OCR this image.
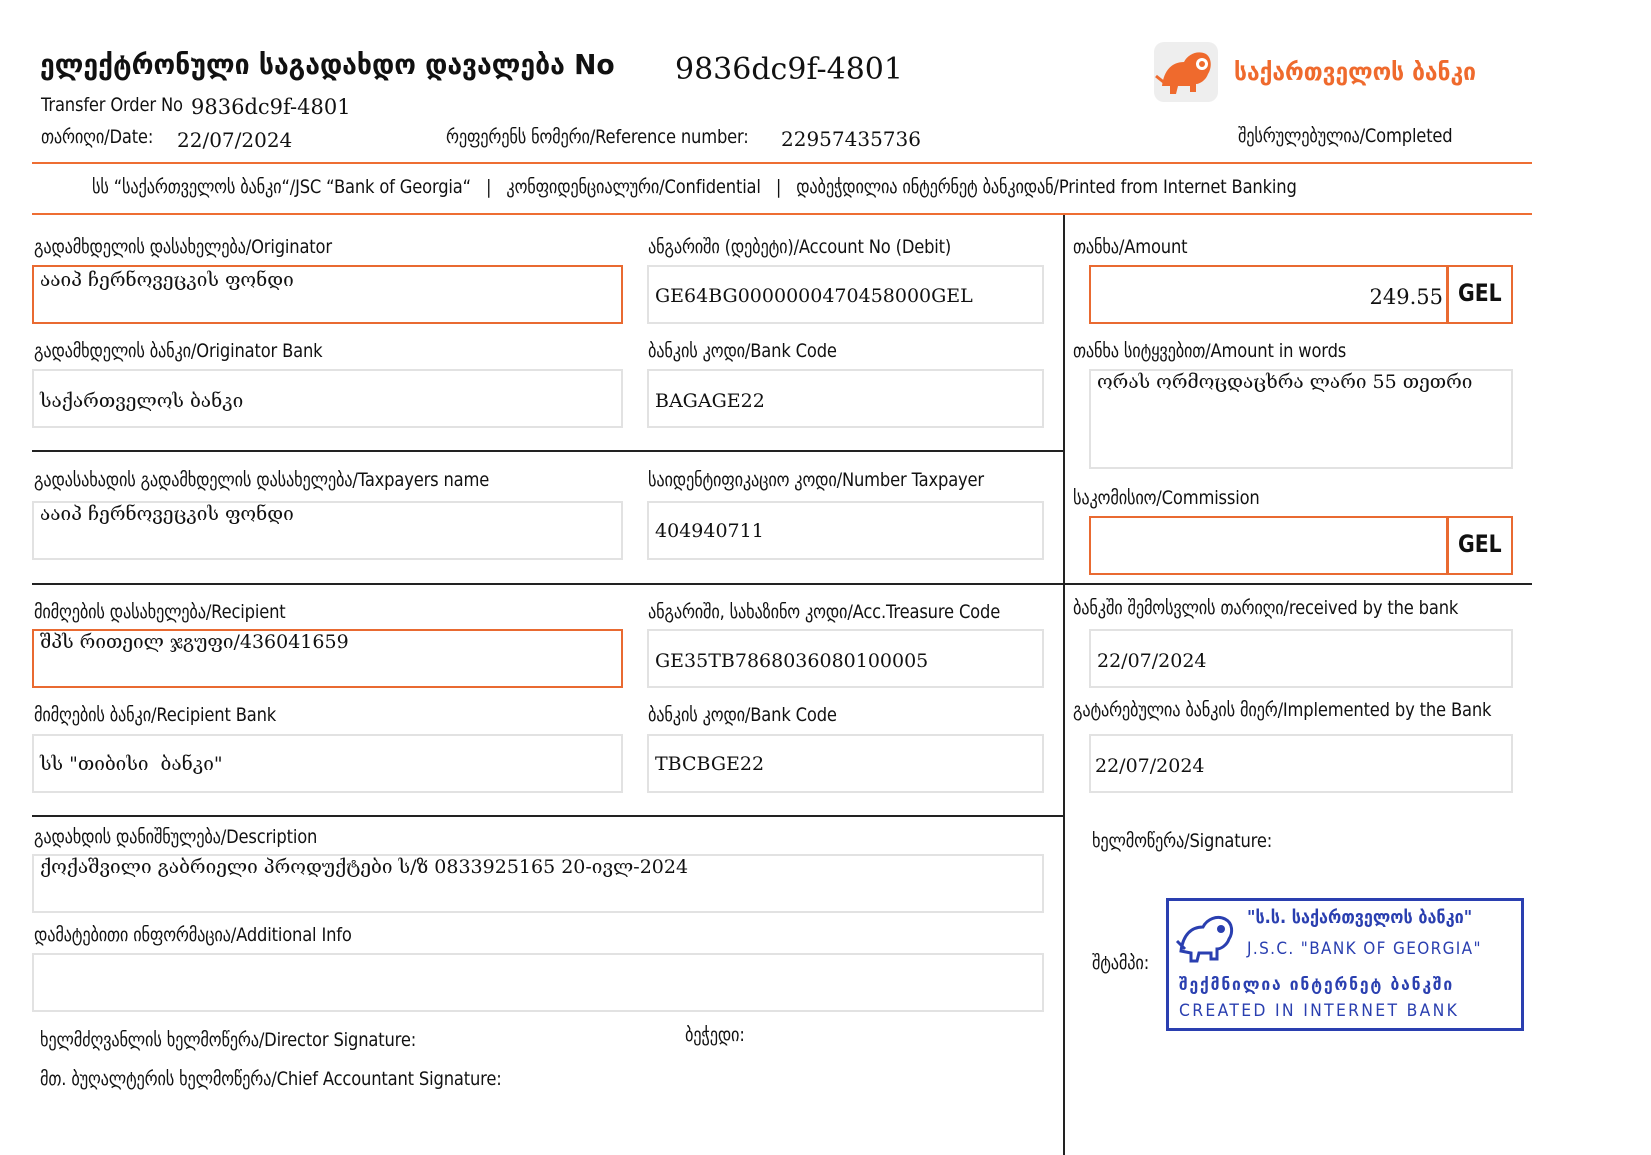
ელექტრონული საგადახდო დავალება No	9836dc9f-4801
Transfer Order No 9836dc9f-4801
თარიღი/Date: 22/07/2024	რეფერენს ნომერი/Reference number: 22957435736	შესრულებულია/Completed
საქართველოს ბანკი
სს “საქართველოს ბანკი“/JSC “Bank of Georgia“   |   კონფიდენციალური/Confidential   |   დაბეჭდილია ინტერნეტ ბანკიდან/Printed from Internet Banking
გადამხდელის დასახელება/Originator
ააიპ ჩერნოვეცკის ფონდი
ანგარიში (დებეტი)/Account No (Debit)
GE64BG0000000470458000GEL
გადამხდელის ბანკი/Originator Bank
საქართველოს ბანკი
ბანკის კოდი/Bank Code
BAGAGE22
გადასახადის გადამხდელის დასახელება/Taxpayers name
ააიპ ჩერნოვეცკის ფონდი
საიდენტიფიკაციო კოდი/Number Taxpayer
404940711
მიმღების დასახელება/Recipient
შპს რითეილ ჯგუფი/436041659
ანგარიში, სახაზინო კოდი/Acc.Treasure Code
GE35TB7868036080100005
მიმღების ბანკი/Recipient Bank
სს "თიბისი  ბანკი"
ბანკის კოდი/Bank Code
TBCBGE22
გადახდის დანიშნულება/Description
ქოქაშვილი გაბრიელი პროდუქტები ს/ზ 0833925165 20-ივლ-2024
დამატებითი ინფორმაცია/Additional Info
ხელმძღვანლის ხელმოწერა/Director Signature:	ბეჭედი:
მთ. ბუღალტერის ხელმოწერა/Chief Accountant Signature:
თანხა/Amount
249.55 GEL
თანხა სიტყვებით/Amount in words
ორას ორმოცდაცხრა ლარი 55 თეთრი
საკომისიო/Commission
GEL
ბანკში შემოსვლის თარიღი/received by the bank
22/07/2024
გატარებულია ბანკის მიერ/Implemented by the Bank
22/07/2024
ხელმოწერა/Signature:
შტამპი:
"ს.ს. საქართველოს ბანკი"
J.S.C. "BANK OF GEORGIA"
შექმნილია ინტერნეტ ბანკში
CREATED IN INTERNET BANK
